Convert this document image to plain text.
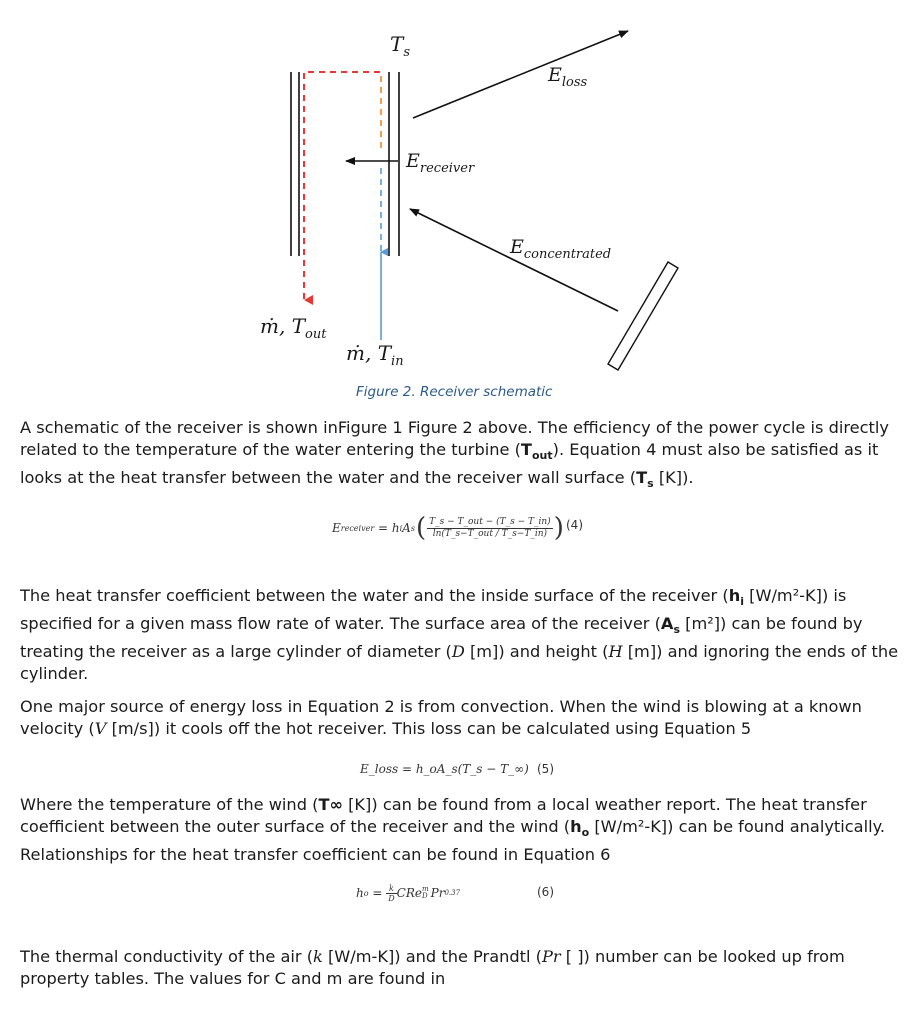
$T_s$
$E_{loss}$
$E_{receiver}$
$E_{concentrated}$
ṁ, $T_{out}$
ṁ, $T_{in}$
Figure 2. Receiver schematic
A schematic of the receiver is shown inFigure 1 Figure 2 above. The efficiency of the power cycle is directly related to the temperature of the water entering the turbine $(T_{out})$. Equation 4 must also be satisfied as it looks at the heat transfer between the water and the receiver wall surface ($T_s$ [K]).
E receiver = h i A s ( $\frac{\text{T\_s − T\_out − (T\_s − T\_in)}}{\text{ln(T\_s−T\_out / T\_s−T\_in)}}$ ) (4)
The heat transfer coefficient between the water and the inside surface of the receiver ($h_i$ [W/m²-K]) is specified for a given mass flow rate of water. The surface area of the receiver ($A_s$ [m²]) can be found by treating the receiver as a large cylinder of diameter (D [m]) and height (H [m]) and ignoring the ends of the cylinder.
One major source of energy loss in Equation 2 is from convection. When the wind is blowing at a known velocity (V [m/s]) it cools off the hot receiver. This loss can be calculated using Equation 5
E_loss = h_oA_s(T_s − T_∞) (5)
Where the temperature of the wind (T∞ [K]) can be found from a local weather report. The heat transfer coefficient between the outer surface of the receiver and the wind ($h_o$ [W/m²-K]) can be found analytically. Relationships for the heat transfer coefficient can be found in Equation 6
h $o = \frac{k}{D}$ CRe m
D Pr 0.37	(6)
The thermal conductivity of the air (k [W/m-K]) and the Prandtl (Pr [ ]) number can be looked up from property tables. The values for C and m are found in
